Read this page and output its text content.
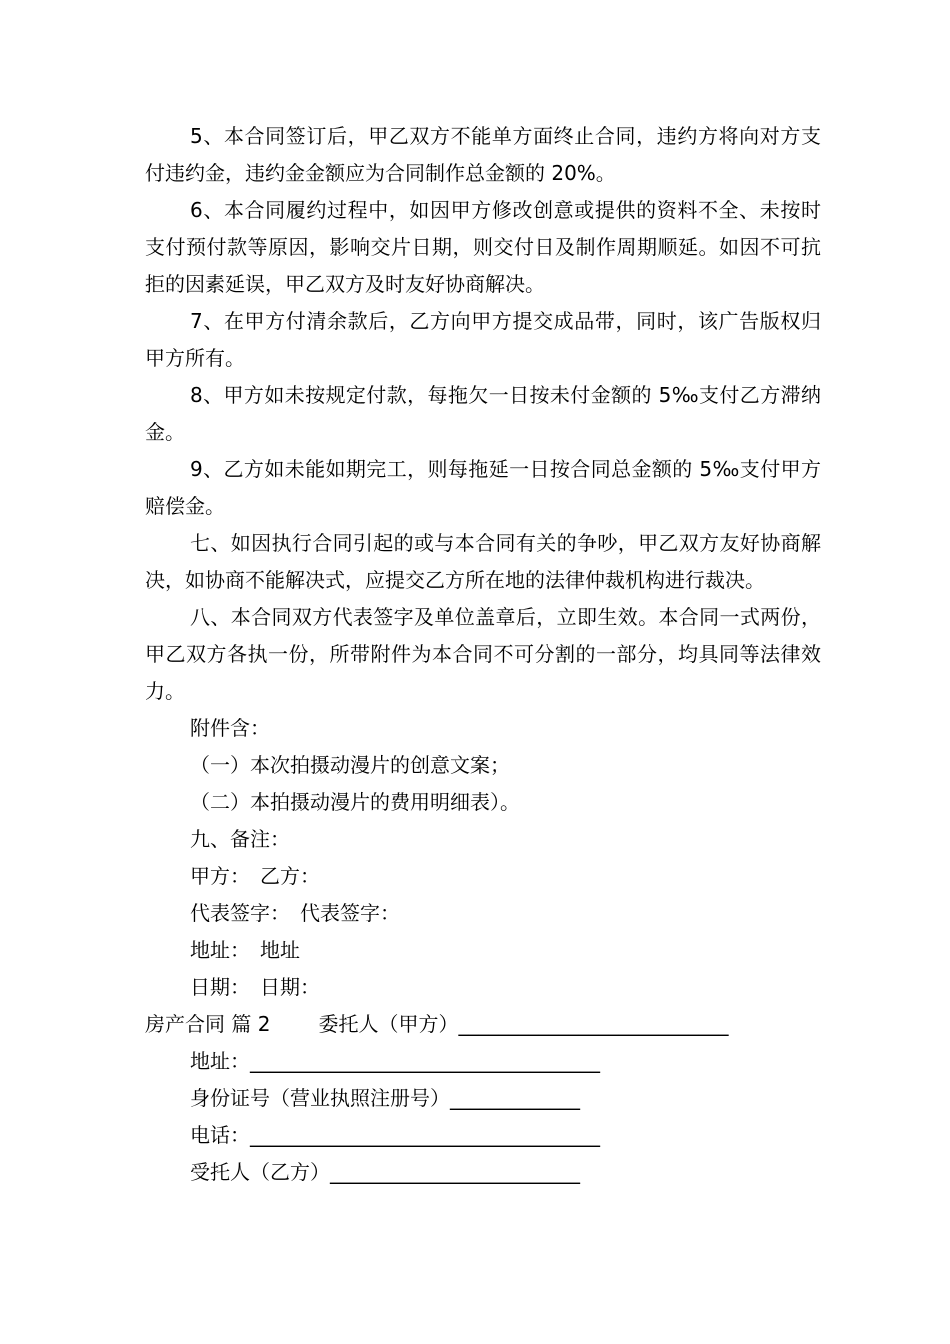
5、本合同签订后，甲乙双方不能单方面终止合同，违约方将向对方支付违约金，违约金金额应为合同制作总金额的 20%。

6、本合同履约过程中，如因甲方修改创意或提供的资料不全、未按时支付预付款等原因，影响交片日期，则交付日及制作周期顺延。如因不可抗拒的因素延误，甲乙双方及时友好协商解决。

7、在甲方付清余款后，乙方向甲方提交成品带，同时，该广告版权归甲方所有。

8、甲方如未按规定付款，每拖欠一日按未付金额的 5‰支付乙方滞纳金。

9、乙方如未能如期完工，则每拖延一日按合同总金额的 5‰支付甲方赔偿金。

七、如因执行合同引起的或与本合同有关的争吵，甲乙双方友好协商解决，如协商不能解决式，应提交乙方所在地的法律仲裁机构进行裁决。

八、本合同双方代表签字及单位盖章后，立即生效。本合同一式两份，甲乙双方各执一份，所带附件为本合同不可分割的一部分，均具同等法律效力。

附件含：

（一）本次拍摄动漫片的创意文案；

（二）本拍摄动漫片的费用明细表）。

九、备注：

甲方： 乙方：

代表签字： 代表签字：

地址： 地址

日期： 日期：

房产合同 篇 2 委托人（甲方）___________________________

地址：___________________________________

身份证号（营业执照注册号）_____________

电话：___________________________________

受托人（乙方）_________________________
